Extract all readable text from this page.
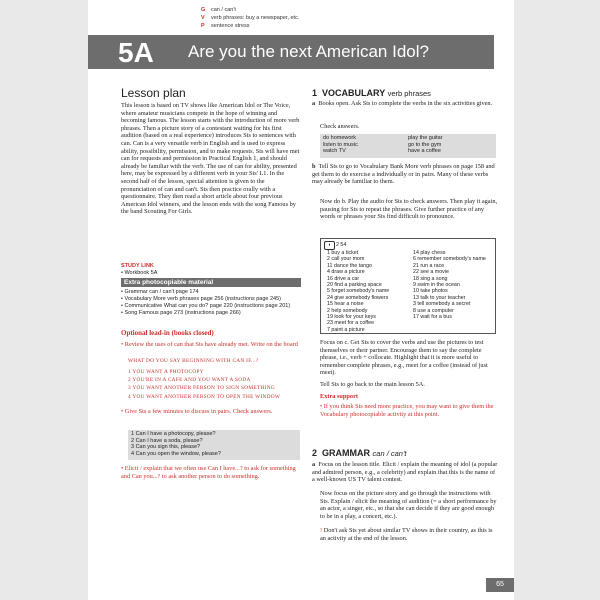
G can / can't
V verb phrases: buy a newspaper, etc.
P sentence stress
5A Are you the next American Idol?
Lesson plan
This lesson is based on TV shows like American Idol or The Voice, where amateur musicians compete in the hope of winning and becoming famous. The lesson starts with the introduction of more verb phrases. Then a picture story of a contestant waiting for his first audition (based on a real experience) introduces Sts to sentences with can. Can is a very versatile verb in English and is used to express ability, possibility, permission, and to make requests. Sts will have met can for requests and permission in Practical English 1, and should already be familiar with the verb. The use of can for ability, presented here, may be expressed by a different verb in your Sts' L1. In the second half of the lesson, special attention is given to the pronunciation of can and can't. Sts then practice orally with a questionnaire. They then read a short article about four previous American Idol winners, and the lesson ends with the song Famous by the band Scouting For Girls.
STUDY LINK
• Workbook 5A
Extra photocopiable material
• Grammar can / can't page 174
• Vocabulary More verb phrases page 256 (instructions page 245)
• Communicative What can you do? page 220 (instructions page 201)
• Song Famous page 273 (instructions page 266)
Optional lead-in (books closed)
• Review the uses of can that Sts have already met. Write on the board
WHAT DO YOU SAY BEGINNING WITH CAN IF...?
1 YOU WANT A PHOTOCOPY
2 YOU'RE IN A CAFE AND YOU WANT A SODA
3 YOU WANT ANOTHER PERSON TO SIGN SOMETHING
4 YOU WANT ANOTHER PERSON TO OPEN THE WINDOW
• Give Sts a few minutes to discuss in pairs. Check answers.
1 Can I have a photocopy, please?
2 Can I have a soda, please?
3 Can you sign this, please?
4 Can you open the window, please?
• Elicit / explain that we often use Can I have...? to ask for something and Can you...? to ask another person to do something.
1 VOCABULARY verb phrases
a Books open. Ask Sts to complete the verbs in the six activities given.
Check answers.
do homework
listen to music
watch TV
play the guitar
go to the gym
have a coffee
b Tell Sts to go to Vocabulary Bank More verb phrases on page 158 and get them to do exercise a individually or in pairs. Many of these verbs may already be familiar to them.
Now do b. Play the audio for Sts to check answers. Then play it again, pausing for Sts to repeat the phrases. Give further practice of any words or phrases your Sts find difficult to pronounce.
◗ 2 54
1 buy a ticket
2 call your mom
11 dance the tango
4 draw a picture
16 drive a car
20 find a parking space
5 forget somebody's name
24 give somebody flowers
15 hear a noise
2 help somebody
19 look for your keys
23 meet for a coffee
7 paint a picture
14 play chess
6 remember somebody's name
21 run a race
22 see a movie
18 sing a song
9 swim in the ocean
10 take photos
13 talk to your teacher
3 tell somebody a secret
8 use a computer
17 wait for a bus
Focus on c. Get Sts to cover the verbs and use the pictures to test themselves or their partner. Encourage them to say the complete phrase, i.e., verb + collocate. Highlight that it is more useful to remember complete phrases, e.g., meet for a coffee (instead of just meet).
Tell Sts to go back to the main lesson 5A.
Extra support
• If you think Sts need more practice, you may want to give them the Vocabulary photocopiable activity at this point.
2 GRAMMAR can / can't
a Focus on the lesson title. Elicit / explain the meaning of idol (a popular and admired person, e.g., a celebrity) and explain that this is the name of a well-known US TV talent contest.
Now focus on the picture story and go through the instructions with Sts. Explain / elicit the meaning of audition (= a short performance by an actor, a singer, etc., so that she can decide if they are good enough to be in a play, a concert, etc.).
! Don't ask Sts yet about similar TV shows in their country, as this is an activity at the end of the lesson.
65
